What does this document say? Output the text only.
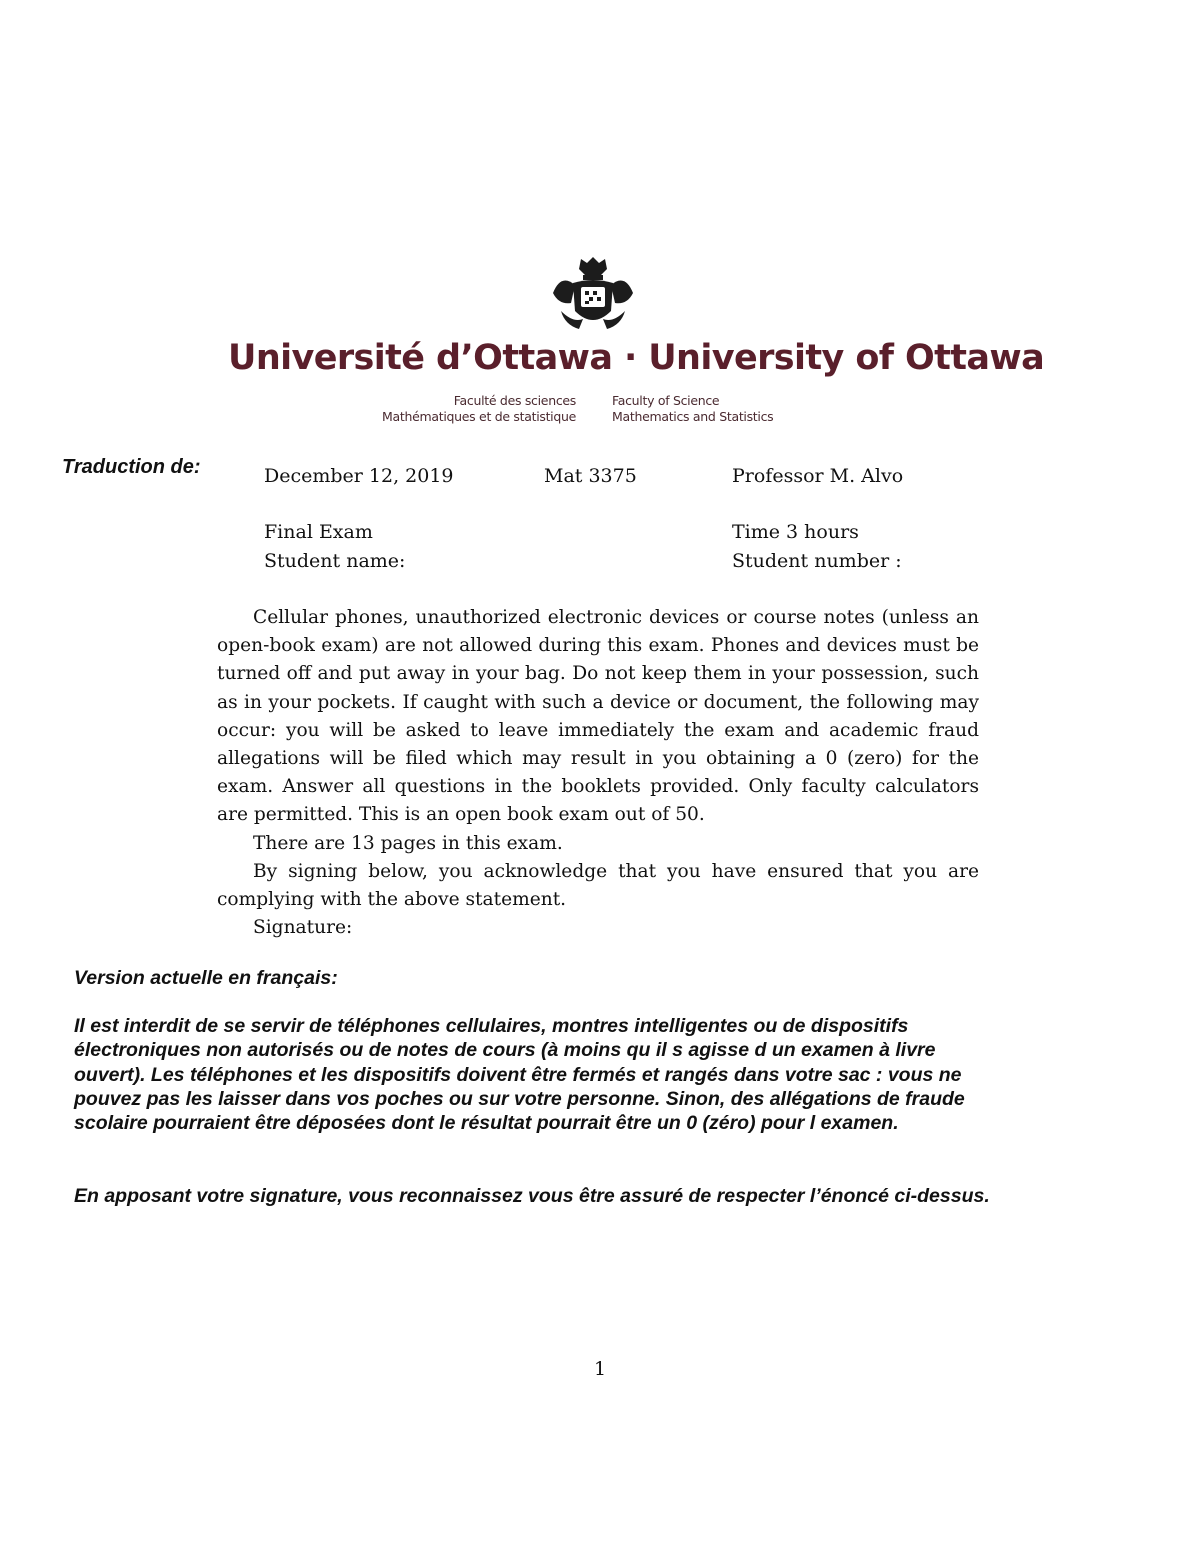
Université d’Ottawa · University of Ottawa
Faculté des sciences
Mathématiques et de statistique
Faculty of Science
Mathematics and Statistics
Traduction de:	December 12, 2019	Mat 3375	Professor M. Alvo
Final Exam	Time 3 hours
Student name:	Student number :

Cellular phones, unauthorized electronic devices or course notes (unless an open-book exam) are not allowed during this exam. Phones and devices must be turned off and put away in your bag. Do not keep them in your possession, such as in your pockets. If caught with such a device or document, the following may occur: you will be asked to leave immediately the exam and academic fraud allegations will be filed which may result in you obtaining a 0 (zero) for the exam. Answer all questions in the booklets provided. Only faculty calculators are permitted. This is an open book exam out of 50.

There are 13 pages in this exam.

By signing below, you acknowledge that you have ensured that you are complying with the above statement.

Signature:

Version actuelle en français:

Il est interdit de se servir de téléphones cellulaires, montres intelligentes ou de dispositifs électroniques non autorisés ou de notes de cours (à moins qu il s agisse d un examen à livre ouvert). Les téléphones et les dispositifs doivent être fermés et rangés dans votre sac : vous ne pouvez pas les laisser dans vos poches ou sur votre personne. Sinon, des allégations de fraude scolaire pourraient être déposées dont le résultat pourrait être un 0 (zéro) pour l examen.

En apposant votre signature, vous reconnaissez vous être assuré de respecter l’énoncé ci-dessus.

1
